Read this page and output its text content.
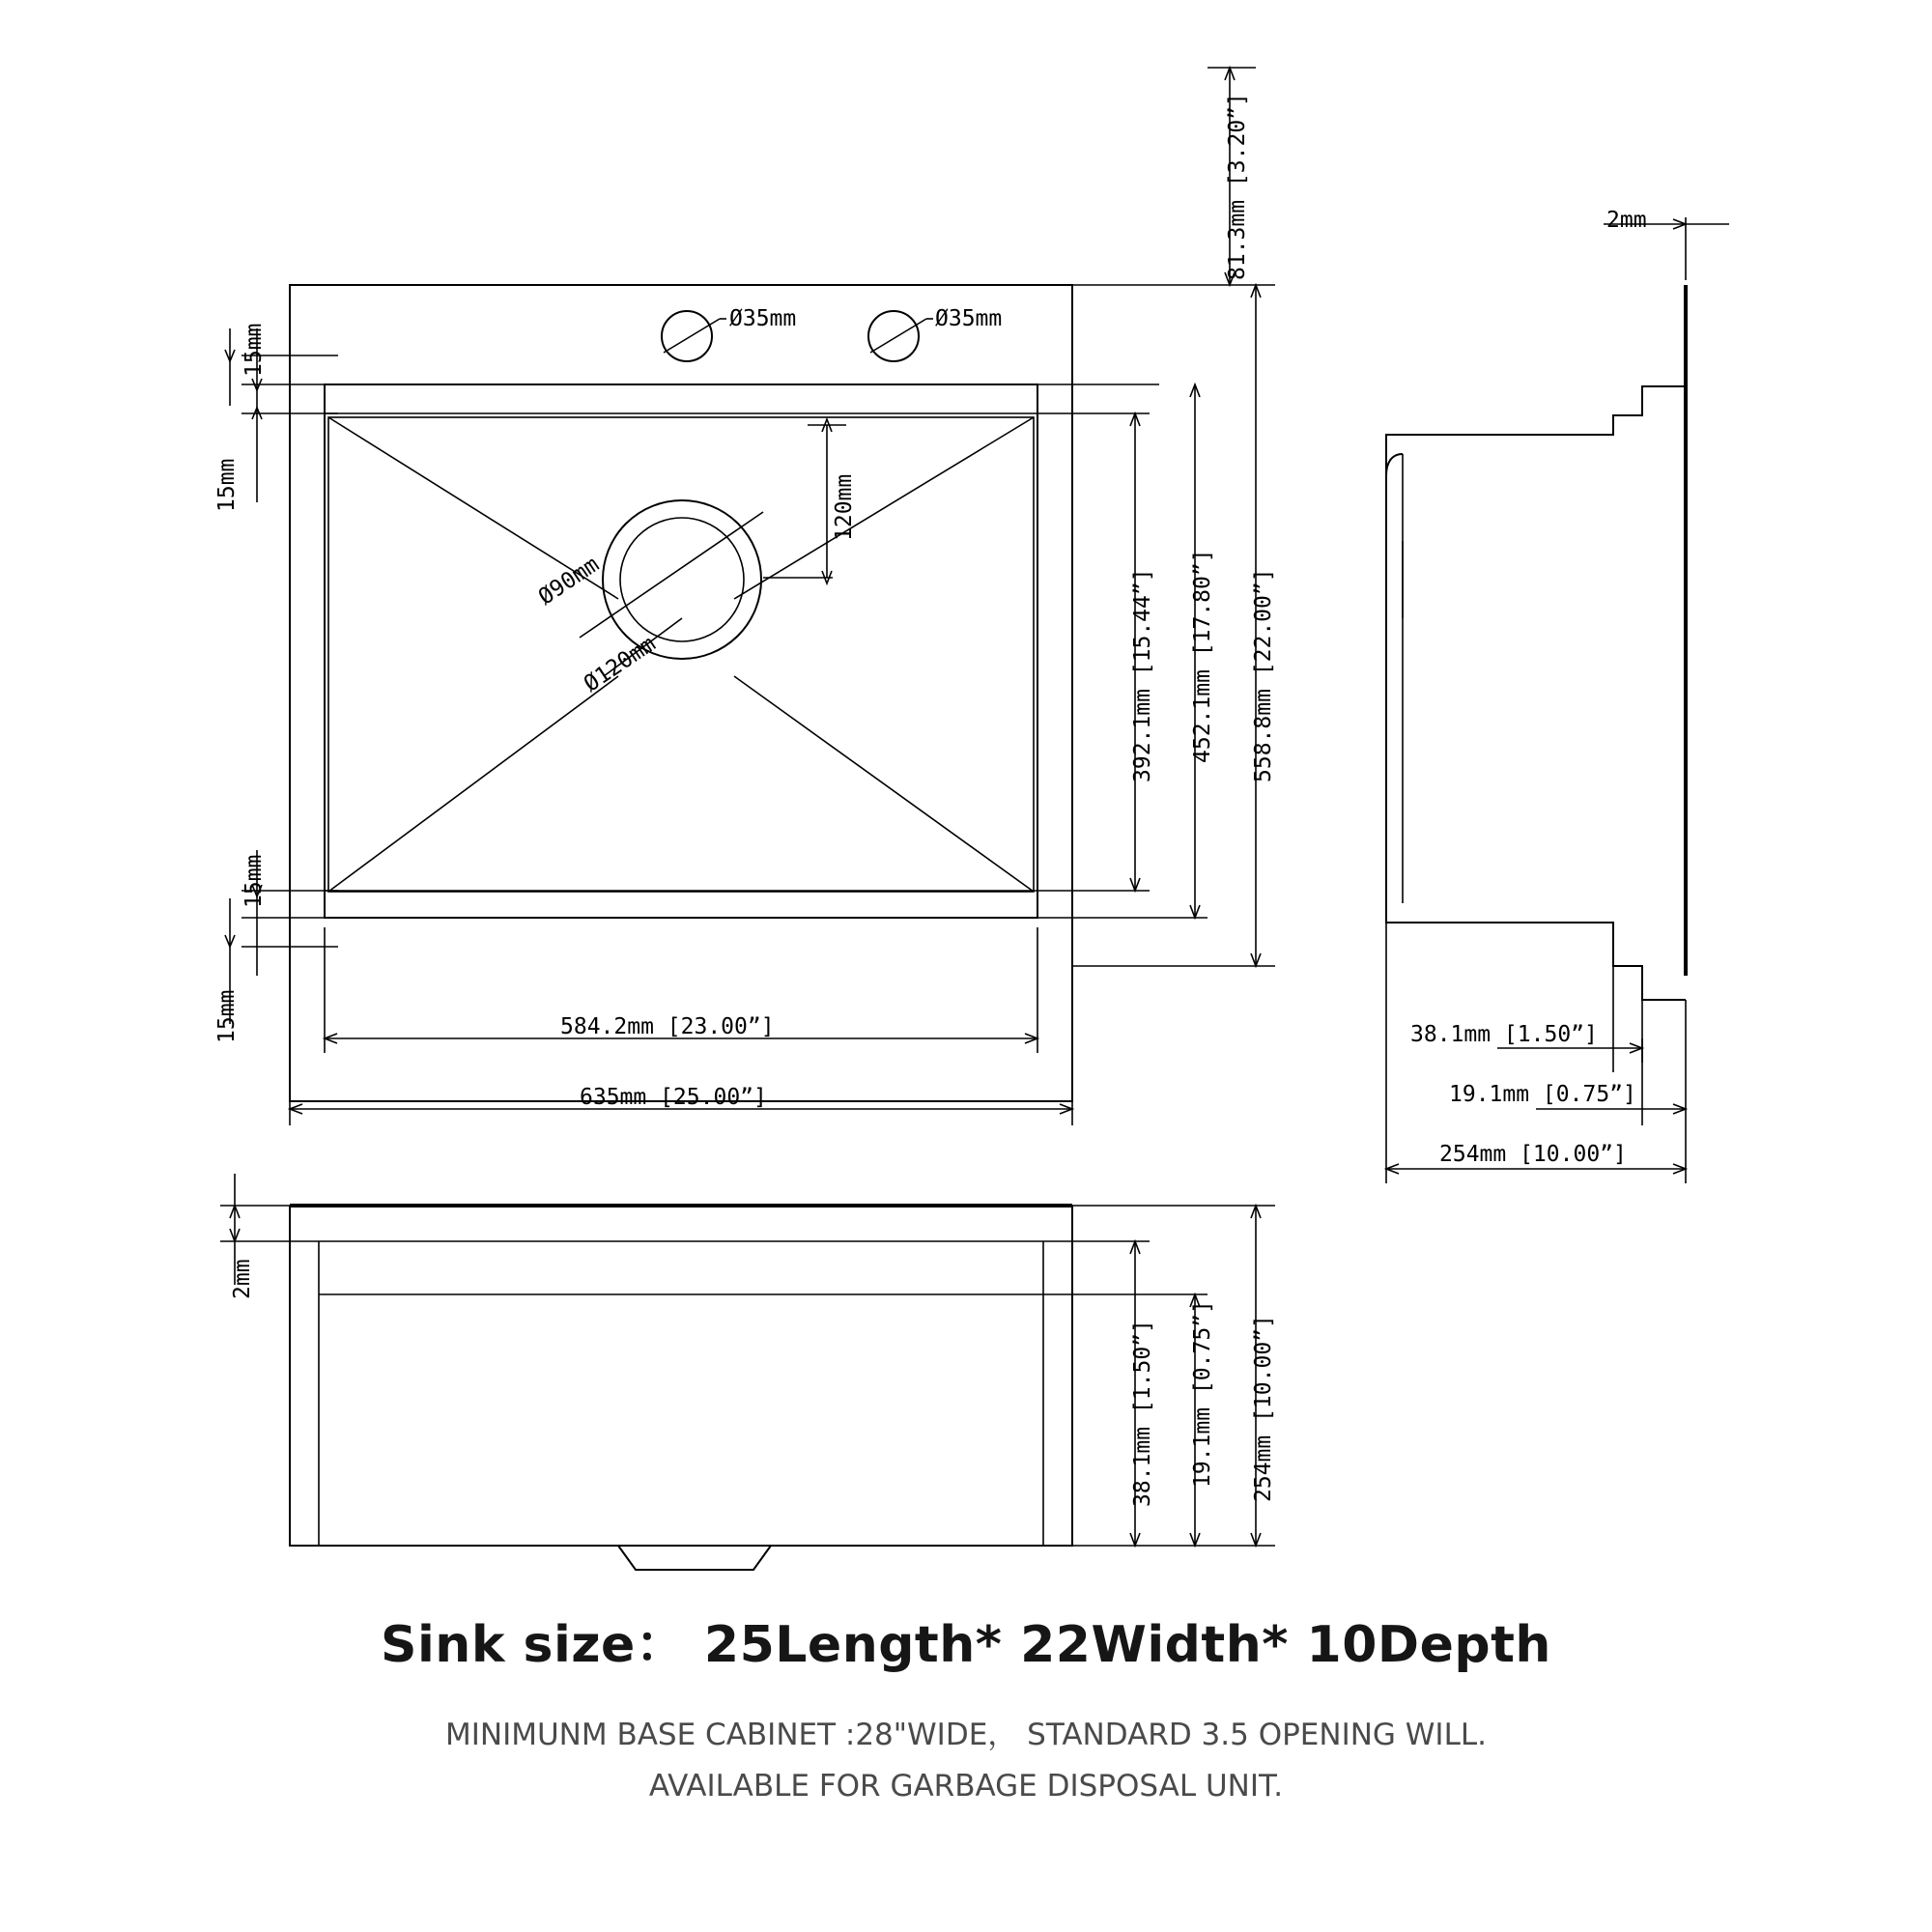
Ø35mm	Ø35mm
120mm
Ø90mm
Ø120mm
15mm
15mm
15mm
15mm	584.2mm [23.00”]
635mm [25.00”]
81.3mm [3.20”]
392.1mm [15.44”] 452.1mm [17.80”] 558.8mm [22.00”]
2mm
38.1mm [1.50”]
19.1mm [0.75”]
254mm [10.00”]
2mm
38.1mm [1.50”] 19.1mm [0.75”] 254mm [10.00”]
Sink size： 25Length* 22Width* 10Depth
MINIMUNM BASE CABINET :28"WIDE， STANDARD 3.5 OPENING WILL.
AVAILABLE FOR GARBAGE DISPOSAL UNIT.
